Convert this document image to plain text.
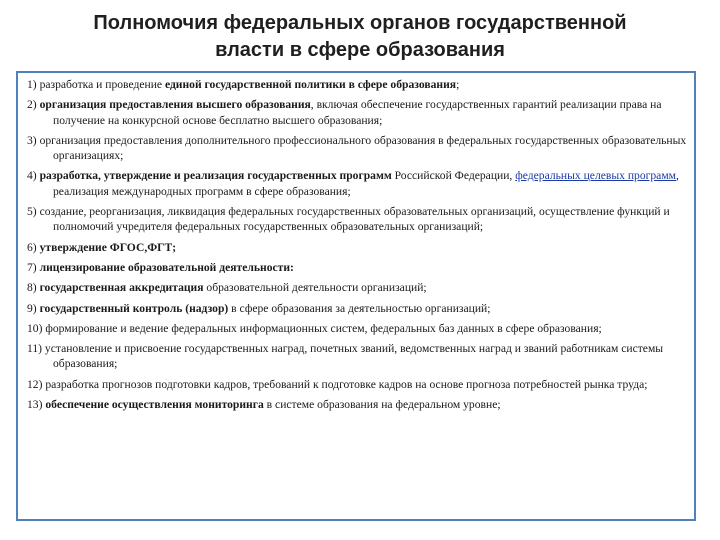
Полномочия федеральных органов государственной
власти в сфере образования
1) разработка и проведение единой государственной политики в сфере образования;
2) организация предоставления высшего образования, включая обеспечение государственных гарантий реализации права на получение на конкурсной основе бесплатно высшего образования;
3) организация предоставления дополнительного профессионального образования в федеральных государственных образовательных организациях;
4) разработка, утверждение и реализация государственных программ Российской Федерации, федеральных целевых программ, реализация международных программ в сфере образования;
5) создание, реорганизация, ликвидация федеральных государственных образовательных организаций, осуществление функций и полномочий учредителя федеральных государственных образовательных организаций;
6) утверждение ФГОС,ФГТ;
7) лицензирование образовательной деятельности:
8) государственная аккредитация образовательной деятельности организаций;
9) государственный контроль (надзор) в сфере образования за деятельностью организаций;
10) формирование и ведение федеральных информационных систем, федеральных баз данных в сфере образования;
11) установление и присвоение государственных наград, почетных званий, ведомственных наград и званий работникам системы образования;
12) разработка прогнозов подготовки кадров, требований к подготовке кадров на основе прогноза потребностей рынка труда;
13) обеспечение осуществления мониторинга в системе образования на федеральном уровне;
